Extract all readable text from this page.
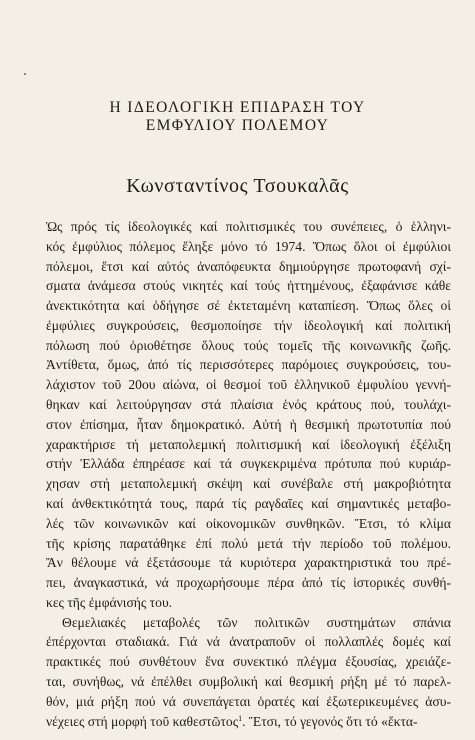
Η ΙΔΕΟΛΟΓΙΚΗ ΕΠΙΔΡΑΣΗ ΤΟΥ
ΕΜΦΥΛΙΟΥ ΠΟΛΕΜΟΥ
Κωνσταντίνος Τσουκαλᾶς
Ὡς πρός τίς ἰδεολογικές καί πολιτισμικές του συνέπειες, ὁ ἑλληνι-
κός ἐμφύλιος πόλεμος ἔληξε μόνο τό 1974. Ὅπως ὅλοι οἱ ἐμφύλιοι
πόλεμοι, ἔτσι καί αὐτός ἀναπόφευκτα δημιούργησε πρωτοφανή σχί-
σματα ἀνάμεσα στούς νικητές καί τούς ἡττημένους, ἐξαφάνισε κάθε
ἀνεκτικότητα καί ὁδήγησε σέ ἐκτεταμένη καταπίεση. Ὅπως ὅλες οἱ
ἐμφύλιες συγκρούσεις, θεσμοποίησε τήν ἰδεολογική καί πολιτική
πόλωση πού ὁριοθέτησε ὅλους τούς τομεῖς τῆς κοινωνικῆς ζωῆς.
Ἀντίθετα, ὅμως, ἀπό τίς περισσότερες παρόμοιες συγκρούσεις, του-
λάχιστον τοῦ 20ου αἰώνα, οἱ θεσμοί τοῦ ἑλληνικοῦ ἐμφυλίου γεννή-
θηκαν καί λειτούργησαν στά πλαίσια ἑνός κράτους πού, τουλάχι-
στον ἐπίσημα, ἦταν δημοκρατικό. Αὐτή ἡ θεσμική πρωτοτυπία πού
χαρακτήρισε τή μεταπολεμική πολιτισμική καί ἰδεολογική ἐξέλιξη
στήν Ἑλλάδα ἐπηρέασε καί τά συγκεκριμένα πρότυπα πού κυριάρ-
χησαν στή μεταπολεμική σκέψη καί συνέβαλε στή μακροβιότητα
καί ἀνθεκτικότητά τους, παρά τίς ραγδαῖες καί σημαντικές μεταβο-
λές τῶν κοινωνικῶν καί οἰκονομικῶν συνθηκῶν. Ἔτσι, τό κλίμα
τῆς κρίσης παρατάθηκε ἐπί πολύ μετά τήν περίοδο τοῦ πολέμου.
Ἄν θέλουμε νά ἐξετάσουμε τά κυριότερα χαρακτηριστικά του πρέ-
πει, ἀναγκαστικά, νά προχωρήσουμε πέρα ἀπό τίς ἱστορικές συνθή-
κες τῆς ἐμφάνισής του.
Θεμελιακές μεταβολές τῶν πολιτικῶν συστημάτων σπάνια
ἐπέρχονται σταδιακά. Γιά νά ἀνατραποῦν οἱ πολλαπλές δομές καί
πρακτικές πού συνθέτουν ἕνα συνεκτικό πλέγμα ἐξουσίας, χρειάζε-
ται, συνήθως, νά ἐπέλθει συμβολική καί θεσμική ρήξη μέ τό παρελ-
θόν, μιά ρήξη πού νά συνεπάγεται ὁρατές καί ἐξωτερικευμένες ἀσυ-
νέχειες στή μορφή τοῦ καθεστῶτος$^1$. Ἔτσι, τό γεγονός ὅτι τό «ἔκτα-
